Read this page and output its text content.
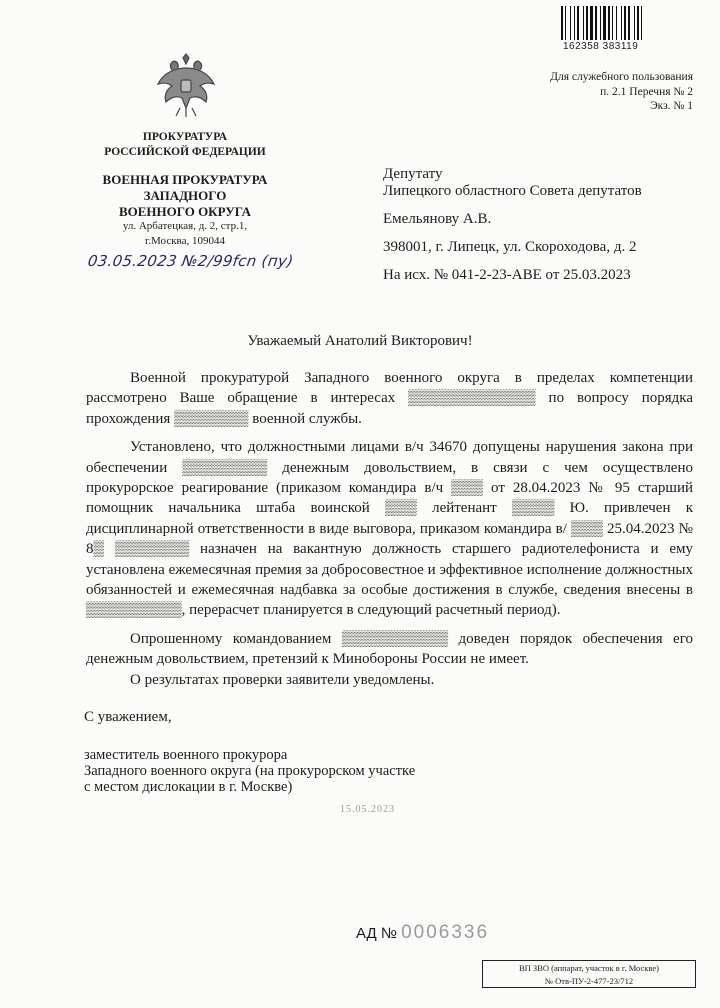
162358 383119
Для служебного пользования
п. 2.1 Перечня № 2
Экз. № 1
ПРОКУРАТУРА
РОССИЙСКОЙ ФЕДЕРАЦИИ
ВОЕННАЯ ПРОКУРАТУРА
ЗАПАДНОГО
ВОЕННОГО ОКРУГА
ул. Арбатецкая, д. 2, стр.1,
г.Москва, 109044
03.05.2023 №2/99fcn (пу)
Депутату
Липецкого областного Совета депутатов
Емельянову А.В.
398001, г. Липецк, ул. Скороходова, д. 2
На исх. № 041-2-23-АВЕ от 25.03.2023
Уважаемый Анатолий Викторович!

Военной прокуратурой Западного военного округа в пределах компетенции рассмотрено Ваше обращение в интересах ▒▒▒▒▒▒▒▒▒▒▒▒ по вопросу порядка прохождения ▒▒▒▒▒▒▒ военной службы.

Установлено, что должностными лицами в/ч 34670 допущены нарушения закона при обеспечении ▒▒▒▒▒▒▒▒ денежным довольствием, в связи с чем осуществлено прокурорское реагирование (приказом командира в/ч ▒▒▒ от 28.04.2023 № 95 старший помощник начальника штаба воинской ▒▒▒ лейтенант ▒▒▒▒ Ю. привлечен к дисциплинарной ответственности в виде выговора, приказом командира в/ ▒▒▒ 25.04.2023 № 8▒ ▒▒▒▒▒▒▒ назначен на вакантную должность старшего радиотелефониста и ему установлена ежемесячная премия за добросовестное и эффективное исполнение должностных обязанностей и ежемесячная надбавка за особые достижения в службе, сведения внесены в ▒▒▒▒▒▒▒▒▒, перерасчет планируется в следующий расчетный период).

Опрошенному командованием ▒▒▒▒▒▒▒▒▒▒ доведен порядок обеспечения его денежным довольствием, претензий к Минобороны России не имеет.

О результатах проверки заявители уведомлены.

С уважением,
заместитель военного прокурора
Западного военного округа (на прокурорском участке
с местом дислокации в г. Москве)
15.05.2023
АД № 0006336
ВП ЗВО (аппарат, участок в г. Москве)
№ Отв-ПУ-2-477-23/712
